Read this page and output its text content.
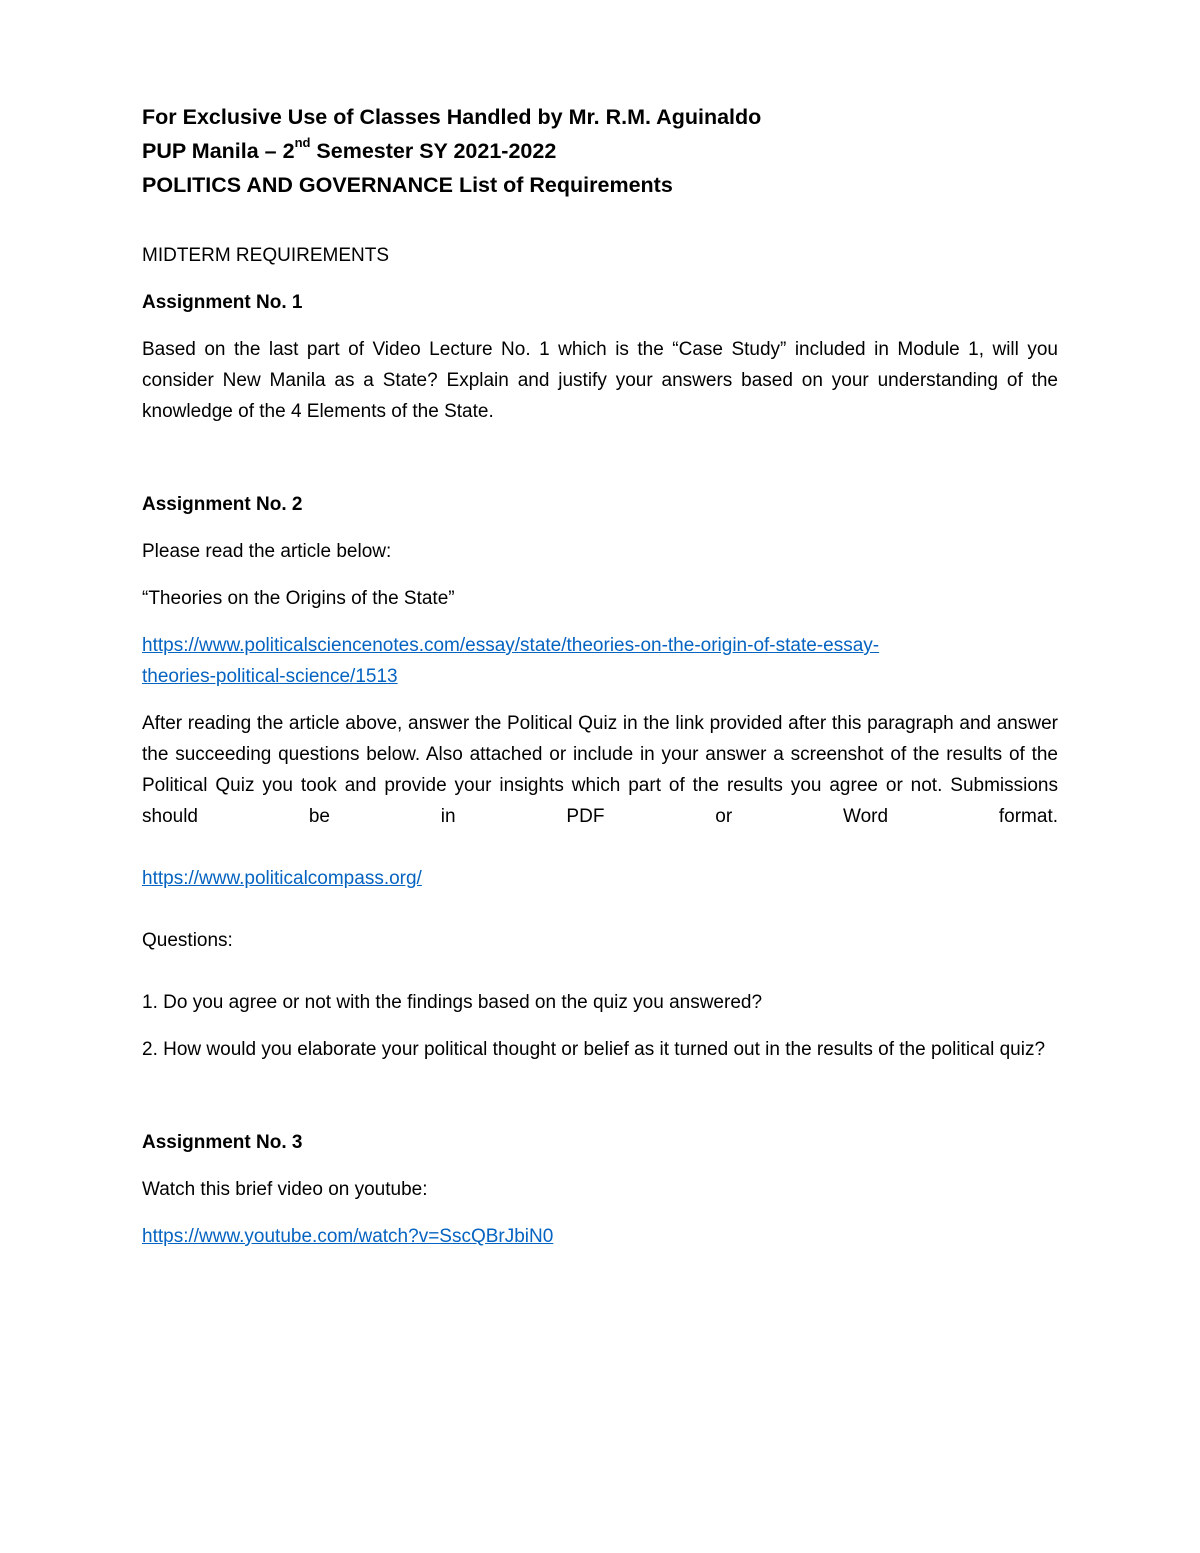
For Exclusive Use of Classes Handled by Mr. R.M. Aguinaldo

PUP Manila – 2nd Semester SY 2021-2022

POLITICS AND GOVERNANCE List of Requirements

MIDTERM REQUIREMENTS

Assignment No. 1

Based on the last part of Video Lecture No. 1 which is the “Case Study” included in Module 1, will you consider New Manila as a State? Explain and justify your answers based on your understanding of the knowledge of the 4 Elements of the State.

Assignment No. 2

Please read the article below:

“Theories on the Origins of the State”

https://www.politicalsciencenotes.com/essay/state/theories-on-the-origin-of-state-essay-
theories-political-science/1513

After reading the article above, answer the Political Quiz in the link provided after this paragraph and answer the succeeding questions below. Also attached or include in your answer a screenshot of the results of the Political Quiz you took and provide your insights which part of the results you agree or not. Submissions should be in PDF or Word format.

https://www.politicalcompass.org/

Questions:

1. Do you agree or not with the findings based on the quiz you answered?

2. How would you elaborate your political thought or belief as it turned out in the results of the political quiz?

Assignment No. 3

Watch this brief video on youtube:

https://www.youtube.com/watch?v=SscQBrJbiN0
